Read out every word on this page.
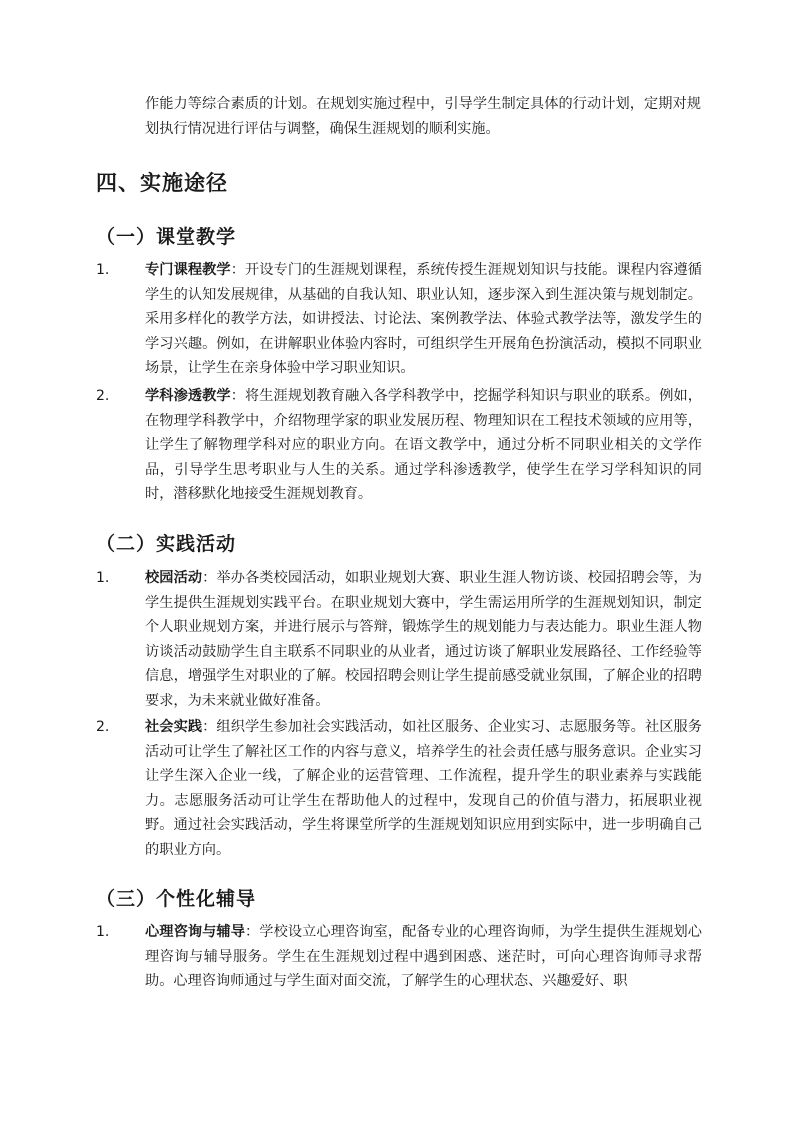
作能力等综合素质的计划。在规划实施过程中，引导学生制定具体的行动计划，定期对规划执行情况进行评估与调整，确保生涯规划的顺利实施。

四、实施途径
（一）课堂教学
1.	专门课程教学：开设专门的生涯规划课程，系统传授生涯规划知识与技能。课程内容遵循学生的认知发展规律，从基础的自我认知、职业认知，逐步深入到生涯决策与规划制定。采用多样化的教学方法，如讲授法、讨论法、案例教学法、体验式教学法等，激发学生的学习兴趣。例如，在讲解职业体验内容时，可组织学生开展角色扮演活动，模拟不同职业场景，让学生在亲身体验中学习职业知识。
2.	学科渗透教学：将生涯规划教育融入各学科教学中，挖掘学科知识与职业的联系。例如，在物理学科教学中，介绍物理学家的职业发展历程、物理知识在工程技术领域的应用等，让学生了解物理学科对应的职业方向。在语文教学中，通过分析不同职业相关的文学作品，引导学生思考职业与人生的关系。通过学科渗透教学，使学生在学习学科知识的同时，潜移默化地接受生涯规划教育。
（二）实践活动
1.	校园活动：举办各类校园活动，如职业规划大赛、职业生涯人物访谈、校园招聘会等，为学生提供生涯规划实践平台。在职业规划大赛中，学生需运用所学的生涯规划知识，制定个人职业规划方案，并进行展示与答辩，锻炼学生的规划能力与表达能力。职业生涯人物访谈活动鼓励学生自主联系不同职业的从业者，通过访谈了解职业发展路径、工作经验等信息，增强学生对职业的了解。校园招聘会则让学生提前感受就业氛围，了解企业的招聘要求，为未来就业做好准备。
2.	社会实践：组织学生参加社会实践活动，如社区服务、企业实习、志愿服务等。社区服务活动可让学生了解社区工作的内容与意义，培养学生的社会责任感与服务意识。企业实习让学生深入企业一线，了解企业的运营管理、工作流程，提升学生的职业素养与实践能力。志愿服务活动可让学生在帮助他人的过程中，发现自己的价值与潜力，拓展职业视野。通过社会实践活动，学生将课堂所学的生涯规划知识应用到实际中，进一步明确自己的职业方向。
（三）个性化辅导
1.	心理咨询与辅导：学校设立心理咨询室，配备专业的心理咨询师，为学生提供生涯规划心理咨询与辅导服务。学生在生涯规划过程中遇到困惑、迷茫时，可向心理咨询师寻求帮助。心理咨询师通过与学生面对面交流，了解学生的心理状态、兴趣爱好、职
